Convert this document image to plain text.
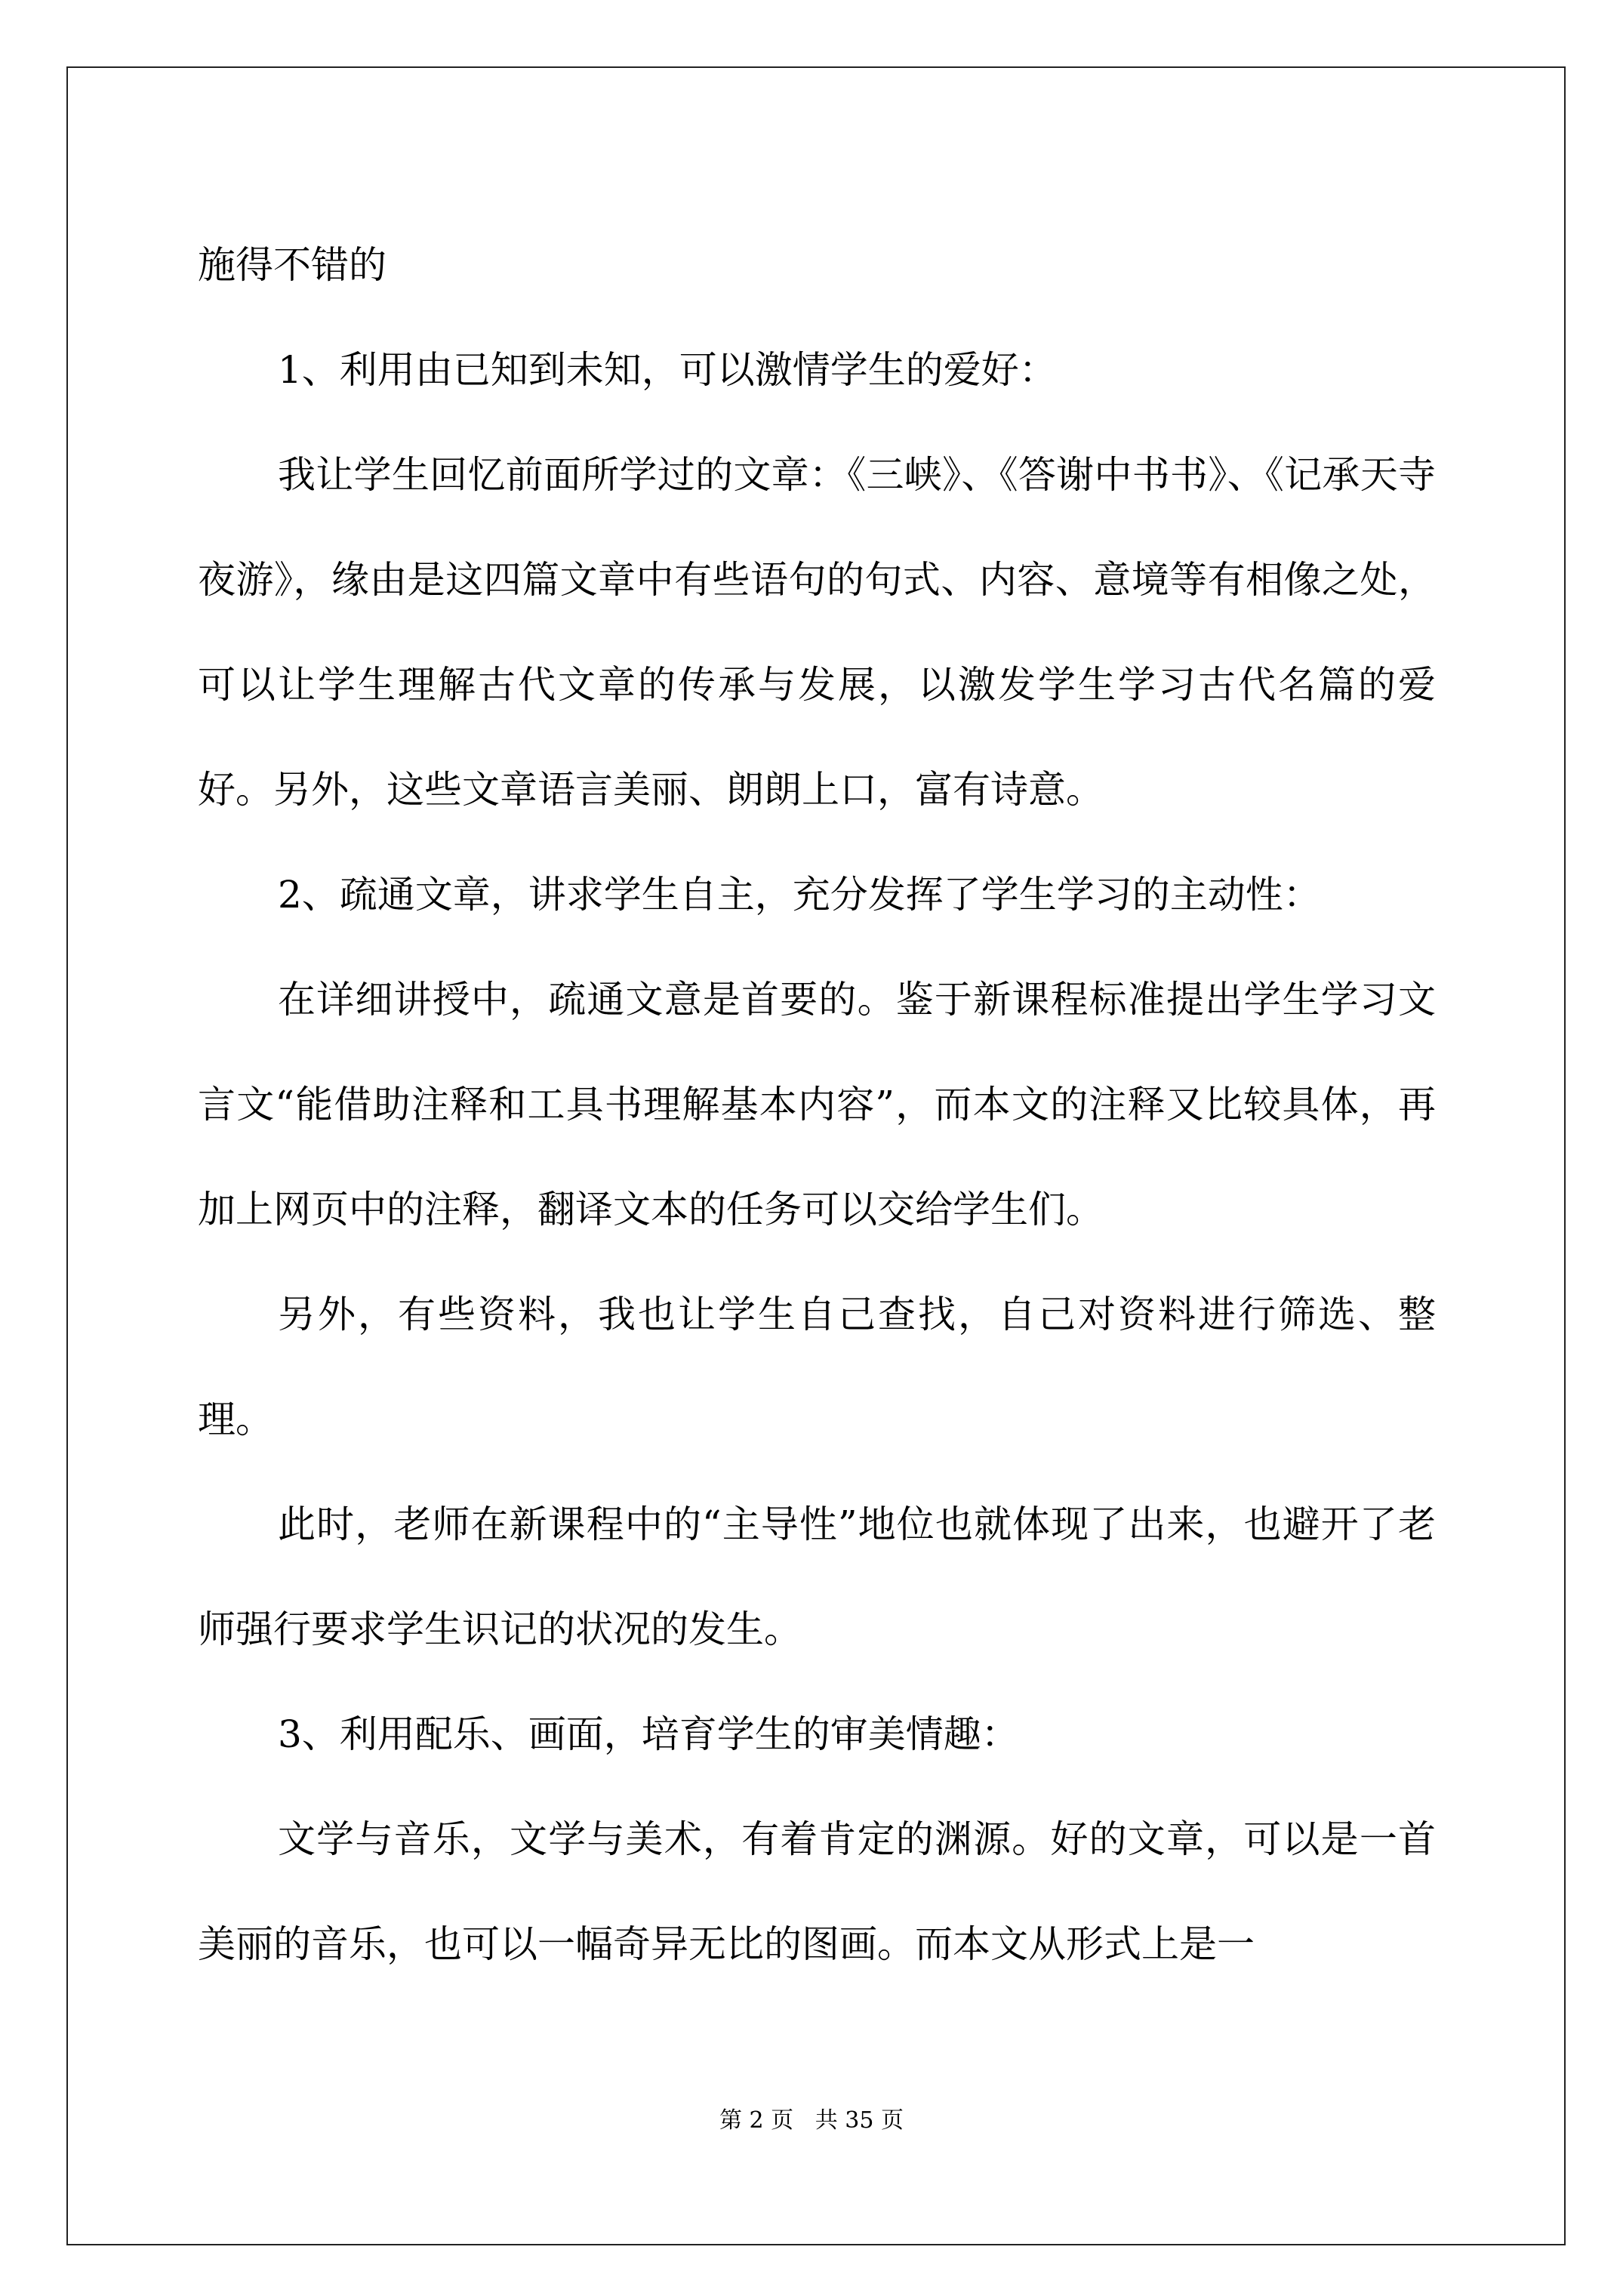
施得不错的

1、利用由已知到未知，可以激情学生的爱好：

我让学生回忆前面所学过的文章：《三峡》、《答谢中书书》、《记承天寺夜游》，缘由是这四篇文章中有些语句的句式、内容、意境等有相像之处，可以让学生理解古代文章的传承与发展，以激发学生学习古代名篇的爱好。另外，这些文章语言美丽、朗朗上口，富有诗意。

2、疏通文章，讲求学生自主，充分发挥了学生学习的主动性：

在详细讲授中，疏通文意是首要的。鉴于新课程标准提出学生学习文言文“能借助注释和工具书理解基本内容”，而本文的注释又比较具体，再加上网页中的注释，翻译文本的任务可以交给学生们。

另外，有些资料，我也让学生自己查找，自己对资料进行筛选、整理。

此时，老师在新课程中的“主导性”地位也就体现了出来，也避开了老师强行要求学生识记的状况的发生。

3、利用配乐、画面，培育学生的审美情趣：

文学与音乐，文学与美术，有着肯定的渊源。好的文章，可以是一首美丽的音乐，也可以一幅奇异无比的图画。而本文从形式上是一

第 2 页   共 35 页
